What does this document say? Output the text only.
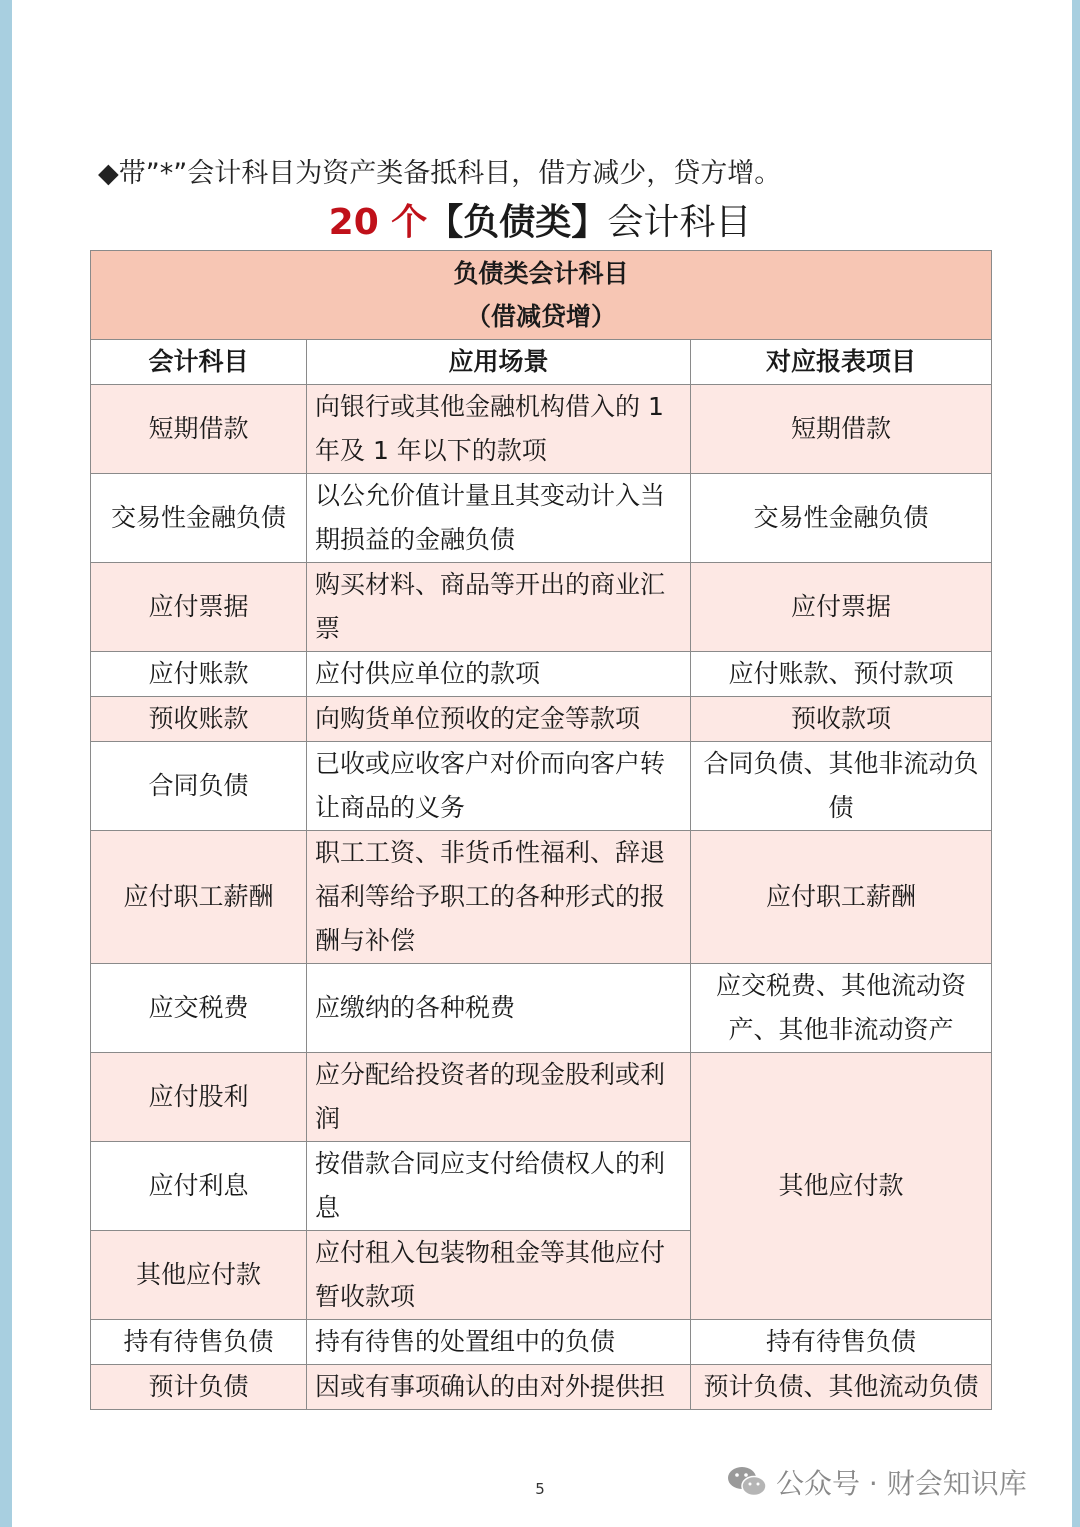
◆带”*”会计科目为资产类备抵科目，借方减少，贷方增。
20 个【负债类】会计科目
负债类会计科目
（借减贷增）		

会计科目	应用场景	对应报表项目
短期借款	向银行或其他金融机构借入的 1 年及 1 年以下的款项	短期借款
交易性金融负债	以公允价值计量且其变动计入当期损益的金融负债	交易性金融负债
应付票据	购买材料、商品等开出的商业汇票	应付票据
应付账款	应付供应单位的款项	应付账款、预付款项
预收账款	向购货单位预收的定金等款项	预收款项
合同负债	已收或应收客户对价而向客户转让商品的义务	合同负债、其他非流动负债
应付职工薪酬	职工工资、非货币性福利、辞退福利等给予职工的各种形式的报酬与补偿	应付职工薪酬
应交税费	应缴纳的各种税费	应交税费、其他流动资产、其他非流动资产
应付股利	应分配给投资者的现金股利或利润	其他应付款
应付利息	按借款合同应支付给债权人的利息	
其他应付款	应付租入包装物租金等其他应付暂收款项	
持有待售负债	持有待售的处置组中的负债	持有待售负债
预计负债	因或有事项确认的由对外提供担	预计负债、其他流动负债
5	公众号 · 财会知识库
